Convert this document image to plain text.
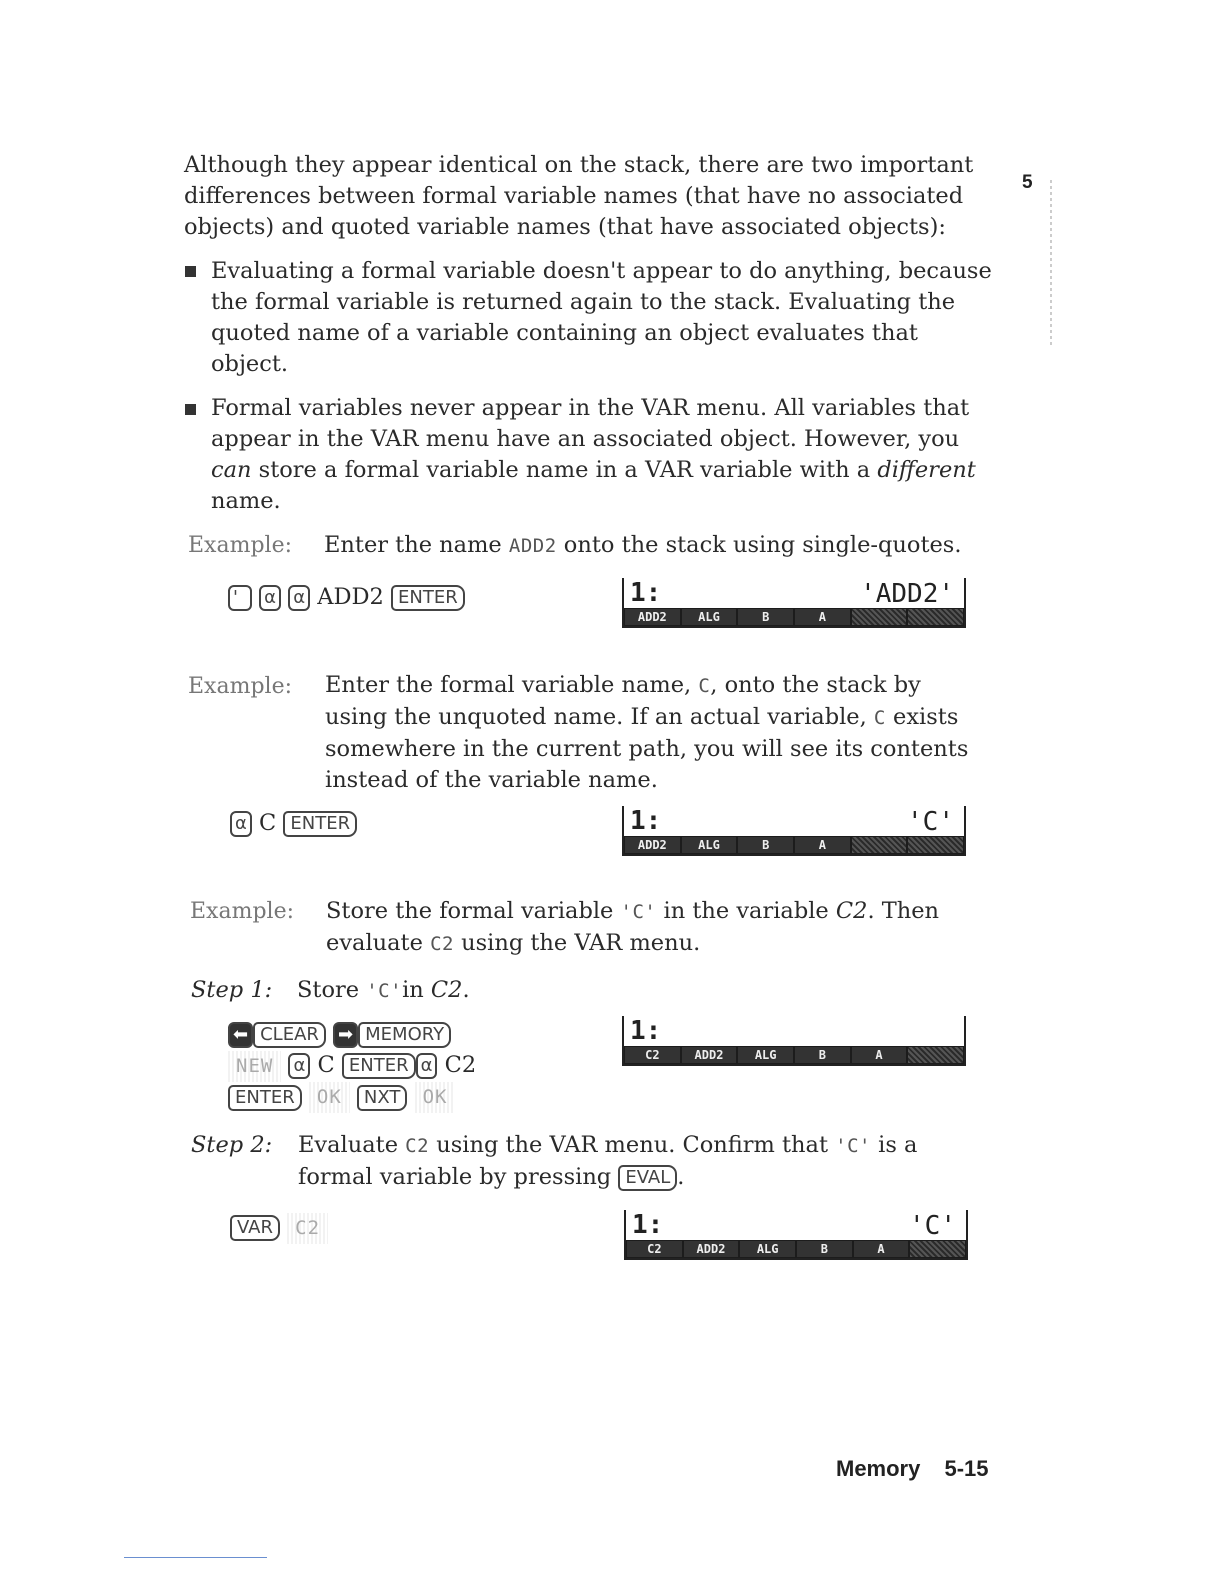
5
Although they appear identical on the stack, there are two important
differences between formal variable names (that have no associated
objects) and quoted variable names (that have associated objects):
Evaluating a formal variable doesn't appear to do anything, because
the formal variable is returned again to the stack. Evaluating the
quoted name of a variable containing an object evaluates that
object.
Formal variables never appear in the VAR menu. All variables that
appear in the VAR menu have an associated object. However, you
can store a formal variable name in a VAR variable with a different
name.
Example: Enter the name ADD2 onto the stack using single-quotes.
' α α ADD2 ENTER	1:	'ADD2'
ADD2	ALG	B	A
Example: Enter the formal variable name, C, onto the stack by
using the unquoted name. If an actual variable, C exists
somewhere in the current path, you will see its contents
instead of the variable name.
α C ENTER	1:	'C'
ADD2	ALG	B	A
Example: Store the formal variable 'C' in the variable C2. Then
evaluate C2 using the VAR menu.
Step 1: Store 'C'in C2.
⬅ CLEAR ➡ MEMORY
NEW α C ENTER α C2
ENTER OK NXT OK
1:
C2	ADD2	ALG	B	A
Step 2: Evaluate C2 using the VAR menu. Confirm that 'C' is a
formal variable by pressing EVAL .
VAR C2	1:	'C'
C2	ADD2	ALG	B	A
Memory 5-15
